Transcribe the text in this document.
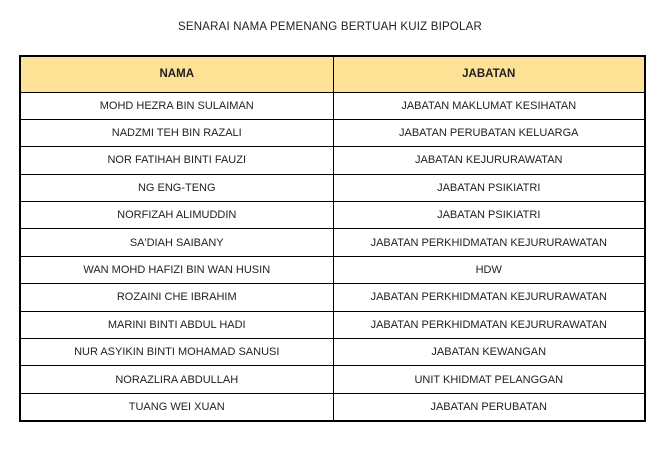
SENARAI NAMA PEMENANG BERTUAH KUIZ BIPOLAR
NAMA	JABATAN
MOHD HEZRA BIN SULAIMAN	JABATAN MAKLUMAT KESIHATAN
NADZMI TEH BIN RAZALI	JABATAN PERUBATAN KELUARGA
NOR FATIHAH BINTI FAUZI	JABATAN KEJURURAWATAN
NG ENG-TENG	JABATAN PSIKIATRI
NORFIZAH ALIMUDDIN	JABATAN PSIKIATRI
SA'DIAH SAIBANY	JABATAN PERKHIDMATAN KEJURURAWATAN
WAN MOHD HAFIZI BIN WAN HUSIN	HDW
ROZAINI CHE IBRAHIM	JABATAN PERKHIDMATAN KEJURURAWATAN
MARINI BINTI ABDUL HADI	JABATAN PERKHIDMATAN KEJURURAWATAN
NUR ASYIKIN BINTI MOHAMAD SANUSI	JABATAN KEWANGAN
NORAZLIRA ABDULLAH	UNIT KHIDMAT PELANGGAN
TUANG WEI XUAN	JABATAN PERUBATAN
